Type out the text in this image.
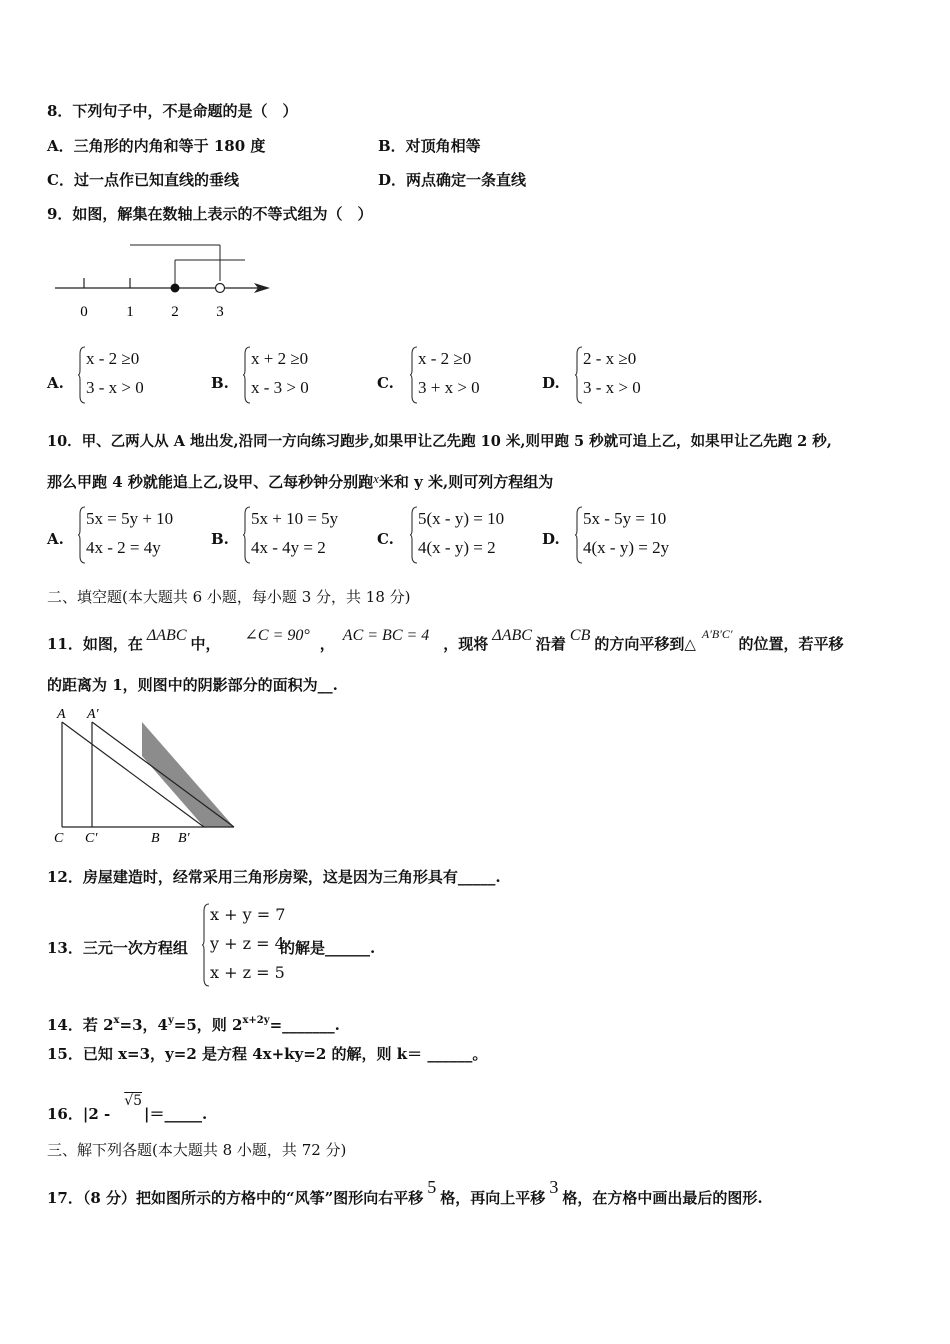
8．下列句子中，不是命题的是（　）
A．三角形的内角和等于 180 度	B．对顶角相等
C．过一点作已知直线的垂线	D．两点确定一条直线
9．如图，解集在数轴上表示的不等式组为（　）
0	1	2	3
A.
x - 2 ≥0
3 - x > 0	B.
x + 2 ≥0
x - 3 > 0	C.
x - 2 ≥0
3 + x > 0	D.
2 - x ≥0
3 - x > 0
10．甲、乙两人从 A 地出发,沿同一方向练习跑步,如果甲让乙先跑 10 米,则甲跑 5 秒就可追上乙，如果甲让乙先跑 2 秒,
那么甲跑 4 秒就能追上乙,设甲、乙每秒钟分别跑x米和 y 米,则可列方程组为
A.
5x = 5y + 10
4x - 2 = 4y	B.
5x + 10 = 5y
4x - 4y = 2	C.
5(x - y) = 10
4(x - y) = 2	D.
5x - 5y = 10
4(x - y) = 2y
二、填空题(本大题共 6 小题，每小题 3 分，共 18 分)
11．如图，在 ΔABC 中， ∠C = 90° ， AC = BC = 4 ，现将 ΔABC 沿着 CB 的方向平移到△$^{A'B'C'}$的位置，若平移
的距离为 1，则图中的阴影部分的面积为__.
A A′
C C′	B B′
12．房屋建造时，经常采用三角形房梁，这是因为三角形具有_____.
13．三元一次方程组
x + y = 7
y + z = 4
x + z = 5
的解是______.
14．若 $2^x=3$，$4^y=5$，则 $2^{x+2y}=\_\_\_\_\_\_\_$.
15．已知 x=3，y=2 是方程 4x+ky=2 的解，则 k＝ ______。
16．|2 -√5|＝_____.
三、解下列各题(本大题共 8 小题，共 72 分)
17．（8 分）把如图所示的方格中的“风筝”图形向右平移5格，再向上平移3格，在方格中画出最后的图形.
